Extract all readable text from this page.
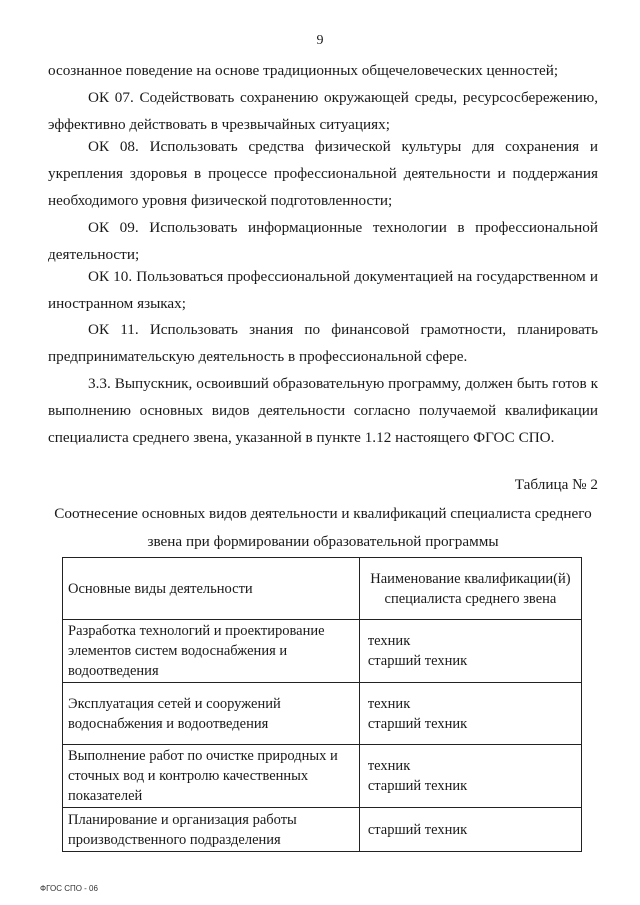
9

осознанное поведение на основе традиционных общечеловеческих ценностей;

ОК 07. Содействовать сохранению окружающей среды, ресурсосбережению, эффективно действовать в чрезвычайных ситуациях;

ОК 08. Использовать средства физической культуры для сохранения и укрепления здоровья в процессе профессиональной деятельности и поддержания необходимого уровня физической подготовленности;

ОК 09. Использовать информационные технологии в профессиональной деятельности;

ОК 10. Пользоваться профессиональной документацией на государственном и иностранном языках;

ОК 11. Использовать знания по финансовой грамотности, планировать предпринимательскую деятельность в профессиональной сфере.

3.3. Выпускник, освоивший образовательную программу, должен быть готов к выполнению основных видов деятельности согласно получаемой квалификации специалиста среднего звена, указанной в пункте 1.12 настоящего ФГОС СПО.

Таблица № 2

Соотнесение основных видов деятельности и квалификаций специалиста среднего звена при формировании образовательной программы

Основные виды деятельности	Наименование квалификации(й) специалиста среднего звена
Разработка технологий и проектирование элементов систем водоснабжения и водоотведения	техник
старший техник

Эксплуатация сетей и сооружений водоснабжения и водоотведения	техник
старший техник

Выполнение работ по очистке природных и сточных вод и контролю качественных показателей	техник
старший техник

Планирование и организация работы производственного подразделения	старший техник
ФГОС СПО - 06
